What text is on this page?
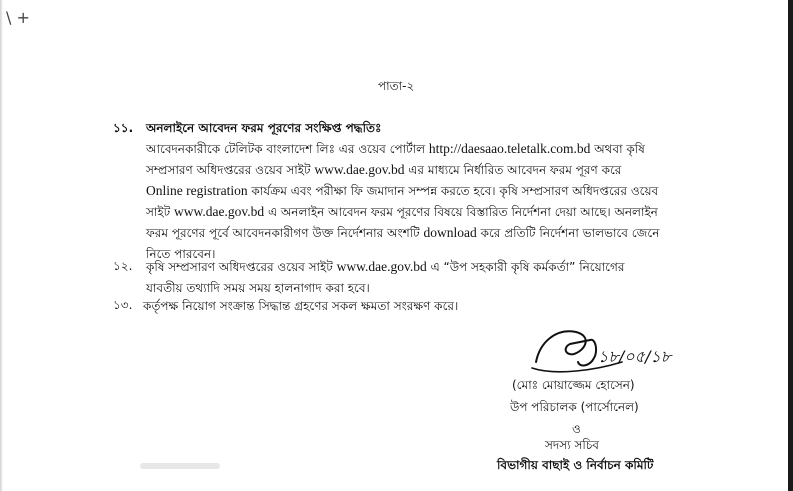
\ +
পাতা-২
১১. অনলাইনে আবেদন ফরম পূরণের সংক্ষিপ্ত পদ্ধতিঃ
আবেদনকারীকে টেলিটক বাংলাদেশ লিঃ এর ওয়েব পোর্টাল http://daesaao.teletalk.com.bd অথবা কৃষি
সম্প্রসারণ অধিদপ্তরের ওয়েব সাইট www.dae.gov.bd এর মাধ্যমে নির্ধারিত আবেদন ফরম পূরণ করে
Online registration কার্যক্রম এবং পরীক্ষা ফি জমাদান সম্পন্ন করতে হবে। কৃষি সম্প্রসারণ অধিদপ্তরের ওয়েব
সাইট www.dae.gov.bd এ অনলাইন আবেদন ফরম পূরণের বিষয়ে বিস্তারিত নির্দেশনা দেয়া আছে। অনলাইন
ফরম পূরণের পূর্বে আবেদনকারীগণ উক্ত নির্দেশনার অংশটি download করে প্রতিটি নির্দেশনা ভালভাবে জেনে
নিতে পারবেন।
১২. কৃষি সম্প্রসারণ অধিদপ্তরের ওয়েব সাইট www.dae.gov.bd এ “উপ সহকারী কৃষি কর্মকর্তা” নিয়োগের
যাবতীয় তথ্যাদি সময় সময় হালনাগাদ করা হবে।
১৩. কর্তৃপক্ষ নিয়োগ সংক্রান্ত সিদ্ধান্ত গ্রহণের সকল ক্ষমতা সংরক্ষণ করে।
১৮/০৫/১৮
(মোঃ মোয়াজ্জেম হোসেন)
উপ পরিচালক (পার্সোনেল)
ও
সদস্য সচিব
বিভাগীয় বাছাই ও নির্বাচন কমিটি
